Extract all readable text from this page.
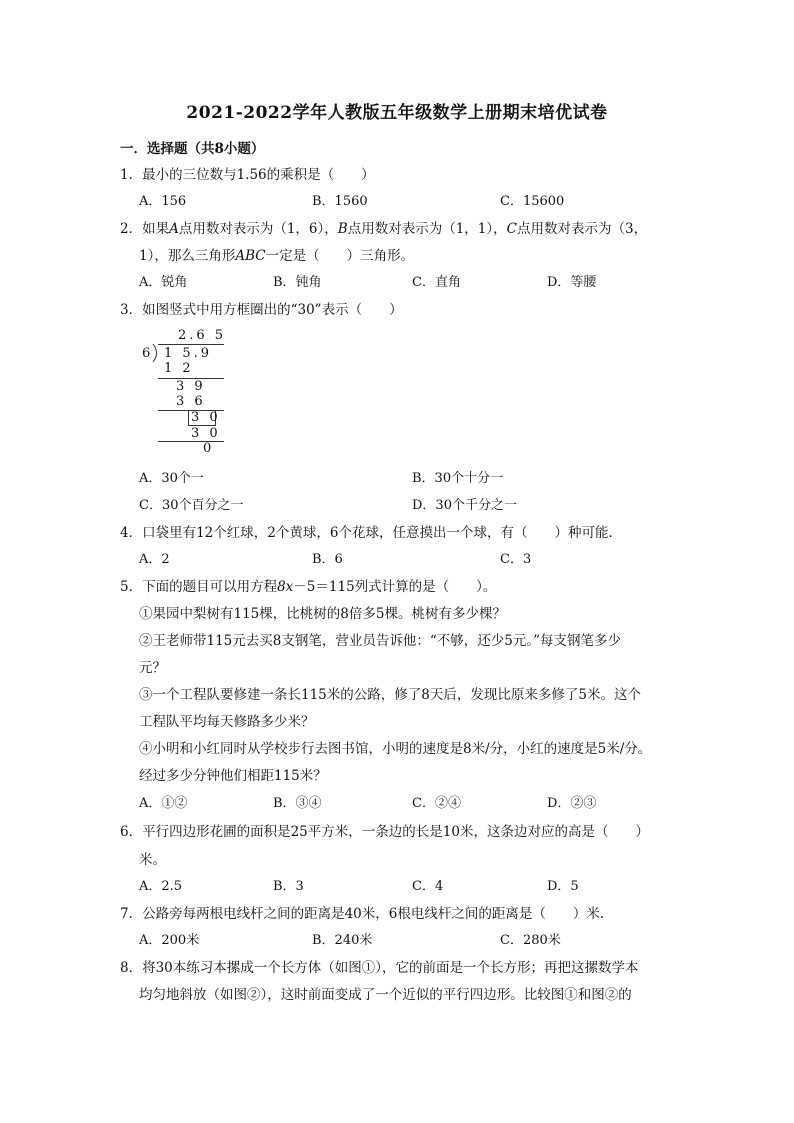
2021-2022学年人教版五年级数学上册期末培优试卷
一．选择题（共8小题）
1．最小的三位数与1.56的乘积是（　　）
A．156	B．1560	C．15600
2．如果A点用数对表示为（1，6），B点用数对表示为（1，1），C点用数对表示为（3，
1），那么三角形ABC一定是（　　）三角形。
A．锐角	B．钝角	C．直角	D．等腰
3．如图竖式中用方框圈出的“30”表示（　　）
2.6 5
6 1 5.9
1 2
3 9
3 6
3 0
3 0
0
A．30个一	B．30个十分一
C．30个百分之一	D．30个千分之一
4．口袋里有12个红球，2个黄球，6个花球，任意摸出一个球，有（　　）种可能．
A．2	B．6	C．3
5．下面的题目可以用方程8x－5＝115列式计算的是（　　）。
①果园中梨树有115棵，比桃树的8倍多5棵。桃树有多少棵？
②王老师带115元去买8支钢笔，营业员告诉他：“不够，还少5元。”每支钢笔多少
元？
③一个工程队要修建一条长115米的公路，修了8天后，发现比原来多修了5米。这个
工程队平均每天修路多少米？
④小明和小红同时从学校步行去图书馆，小明的速度是8米/分，小红的速度是5米/分。
经过多少分钟他们相距115米？
A．①②	B．③④	C．②④	D．②③
6．平行四边形花圃的面积是25平方米，一条边的长是10米，这条边对应的高是（　　）
米。
A．2.5	B．3	C．4	D．5
7．公路旁每两根电线杆之间的距离是40米，6根电线杆之间的距离是（　　）米.
A．200米	B．240米	C．280米
8．将30本练习本摞成一个长方体（如图①），它的前面是一个长方形；再把这摞数学本
均匀地斜放（如图②），这时前面变成了一个近似的平行四边形。比较图①和图②的
